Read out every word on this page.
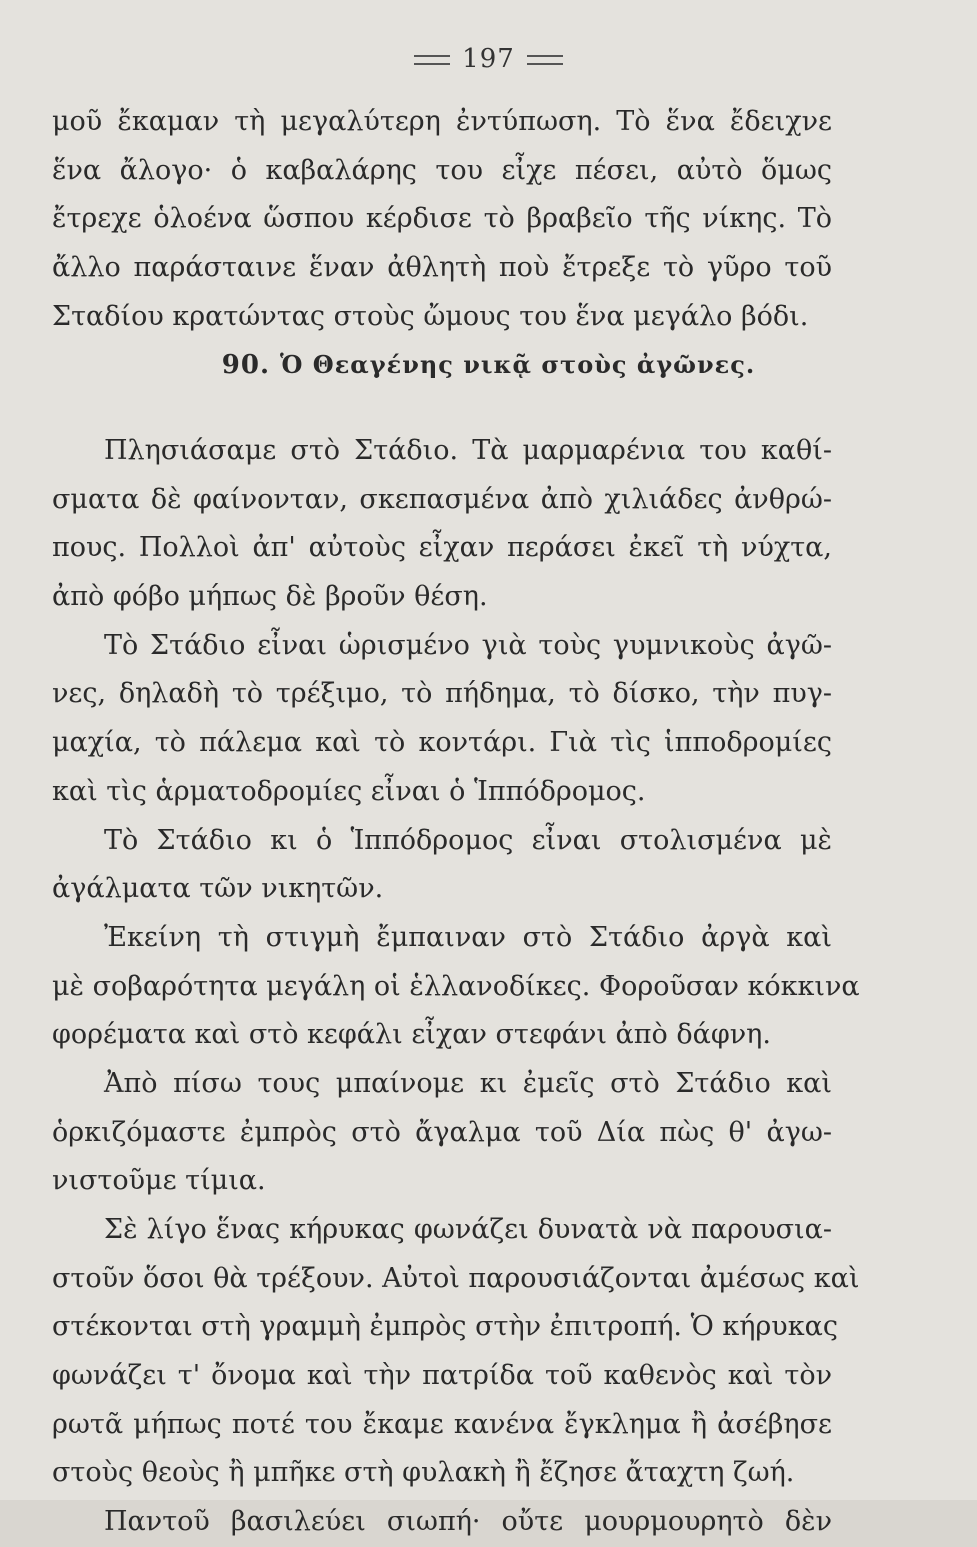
197
μοῦ ἔκαμαν τὴ μεγαλύτερη ἐντύπωση. Τὸ ἕνα ἔδειχνε
ἕνα ἄλογο· ὁ καβαλάρης του εἶχε πέσει, αὐτὸ ὅμως
ἔτρεχε ὁλοένα ὥσπου κέρδισε τὸ βραβεῖο τῆς νίκης. Τὸ
ἄλλο παράσταινε ἕναν ἀθλητὴ ποὺ ἔτρεξε τὸ γῦρο τοῦ
Σταδίου κρατώντας στοὺς ὤμους του ἕνα μεγάλο βόδι.
90. Ὁ Θεαγένης νικᾷ στοὺς ἀγῶνες.
Πλησιάσαμε στὸ Στάδιο. Τὰ μαρμαρένια του καθί-
σματα δὲ φαίνονταν, σκεπασμένα ἀπὸ χιλιάδες ἀνθρώ-
πους. Πολλοὶ ἀπ' αὐτοὺς εἶχαν περάσει ἐκεῖ τὴ νύχτα,
ἀπὸ φόβο μήπως δὲ βροῦν θέση.
Τὸ Στάδιο εἶναι ὡρισμένο γιὰ τοὺς γυμνικοὺς ἀγῶ-
νες, δηλαδὴ τὸ τρέξιμο, τὸ πήδημα, τὸ δίσκο, τὴν πυγ-
μαχία, τὸ πάλεμα καὶ τὸ κοντάρι. Γιὰ τὶς ἱπποδρομίες
καὶ τὶς ἁρματοδρομίες εἶναι ὁ Ἱππόδρομος.
Τὸ Στάδιο κι ὁ Ἱππόδρομος εἶναι στολισμένα μὲ
ἀγάλματα τῶν νικητῶν.
Ἐκείνη τὴ στιγμὴ ἔμπαιναν στὸ Στάδιο ἀργὰ καὶ
μὲ σοβαρότητα μεγάλη οἱ ἑλλανοδίκες. Φοροῦσαν κόκκινα
φορέματα καὶ στὸ κεφάλι εἶχαν στεφάνι ἀπὸ δάφνη.
Ἀπὸ πίσω τους μπαίνομε κι ἐμεῖς στὸ Στάδιο καὶ
ὁρκιζόμαστε ἐμπρὸς στὸ ἄγαλμα τοῦ Δία πὼς θ' ἀγω-
νιστοῦμε τίμια.
Σὲ λίγο ἕνας κήρυκας φωνάζει δυνατὰ νὰ παρουσια-
στοῦν ὅσοι θὰ τρέξουν. Αὐτοὶ παρουσιάζονται ἀμέσως καὶ
στέκονται στὴ γραμμὴ ἐμπρὸς στὴν ἐπιτροπή. Ὁ κήρυκας
φωνάζει τ' ὄνομα καὶ τὴν πατρίδα τοῦ καθενὸς καὶ τὸν
ρωτᾶ μήπως ποτέ του ἔκαμε κανένα ἔγκλημα ἢ ἀσέβησε
στοὺς θεοὺς ἢ μπῆκε στὴ φυλακὴ ἢ ἔζησε ἄταχτη ζωή.
Παντοῦ βασιλεύει σιωπή· οὔτε μουρμουρητὸ δὲν
